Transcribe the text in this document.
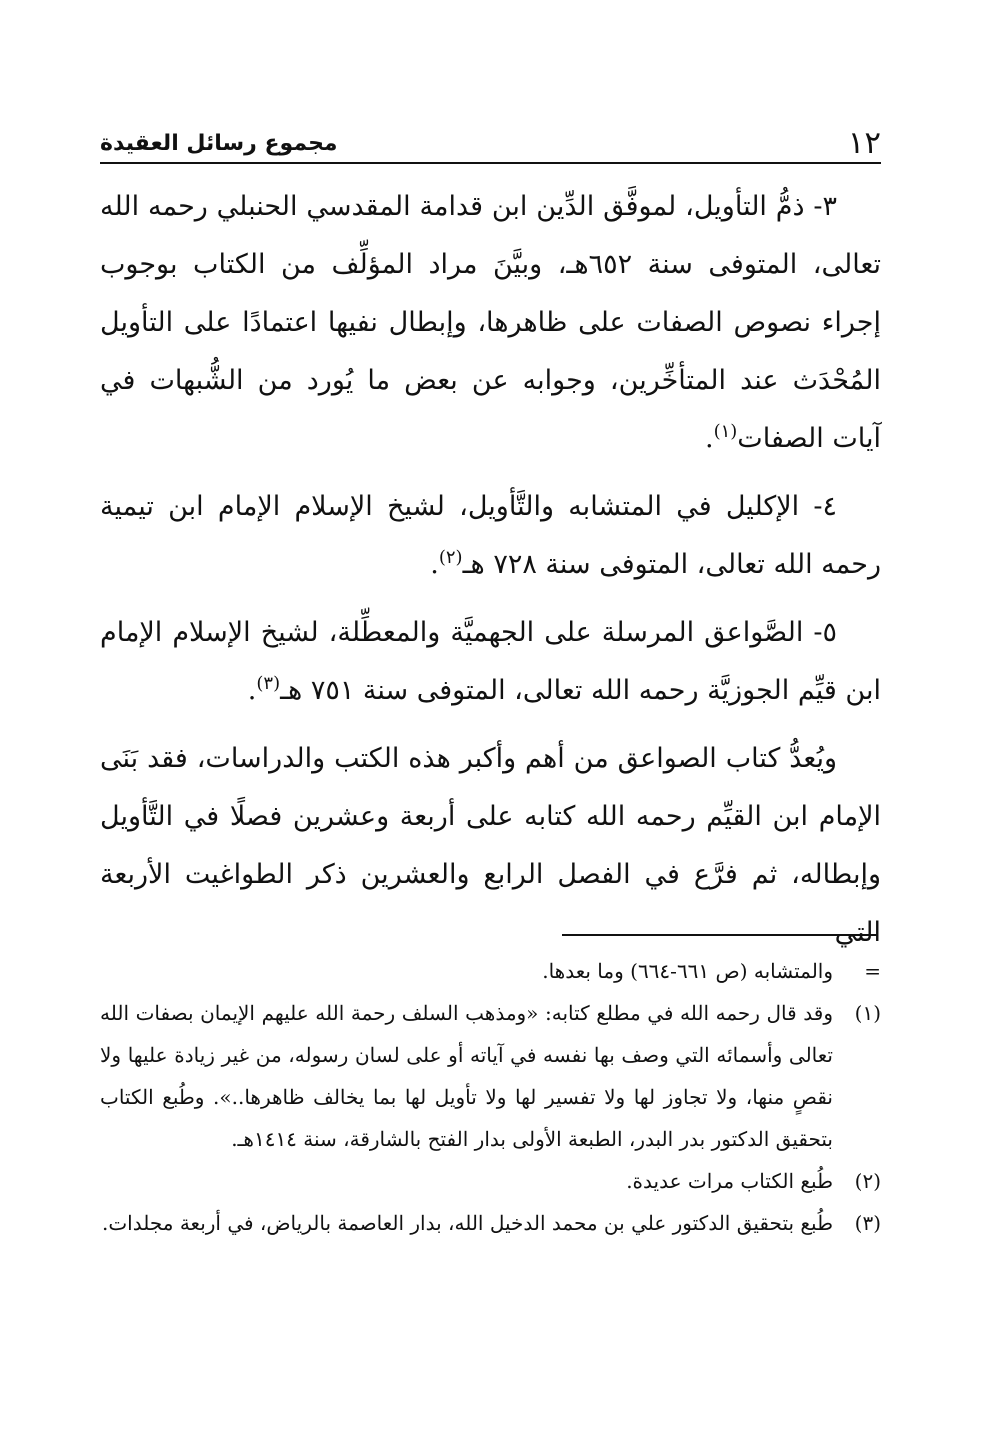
١٢
مجموع رسائل العقيدة

٣- ذمُّ التأويل، لموفَّق الدِّين ابن قدامة المقدسي الحنبلي رحمه الله تعالى، المتوفى سنة ٦٥٢هـ، وبيَّنَ مراد المؤلِّف من الكتاب بوجوب إجراء نصوص الصفات على ظاهرها، وإبطال نفيها اعتمادًا على التأويل المُحْدَث عند المتأخِّرين، وجوابه عن بعض ما يُورد من الشُّبهات في آيات الصفات$^{(١)}$.

٤- الإكليل في المتشابه والتَّأويل، لشيخ الإسلام الإمام ابن تيمية رحمه الله تعالى، المتوفى سنة ٧٢٨ هـ$^{(٢)}$.

٥- الصَّواعق المرسلة على الجهميَّة والمعطِّلة، لشيخ الإسلام الإمام ابن قيِّم الجوزيَّة رحمه الله تعالى، المتوفى سنة ٧٥١ هـ$^{(٣)}$.

ويُعدُّ كتاب الصواعق من أهم وأكبر هذه الكتب والدراسات، فقد بَنَى الإمام ابن القيِّم رحمه الله كتابه على أربعة وعشرين فصلًا في التَّأويل وإبطاله، ثم فرَّع في الفصل الرابع والعشرين ذكر الطواغيت الأربعة التي

=
والمتشابه (ص ٦٦١-٦٦٤) وما بعدها.
(١)
وقد قال رحمه الله في مطلع كتابه: «ومذهب السلف رحمة الله عليهم الإيمان بصفات الله تعالى وأسمائه التي وصف بها نفسه في آياته أو على لسان رسوله، من غير زيادة عليها ولا نقصٍ منها، ولا تجاوز لها ولا تفسير لها ولا تأويل لها بما يخالف ظاهرها..». وطُبع الكتاب بتحقيق الدكتور بدر البدر، الطبعة الأولى بدار الفتح بالشارقة، سنة ١٤١٤هـ.
(٢)
طُبع الكتاب مرات عديدة.
(٣)
طُبع بتحقيق الدكتور علي بن محمد الدخيل الله، بدار العاصمة بالرياض، في أربعة مجلدات.
